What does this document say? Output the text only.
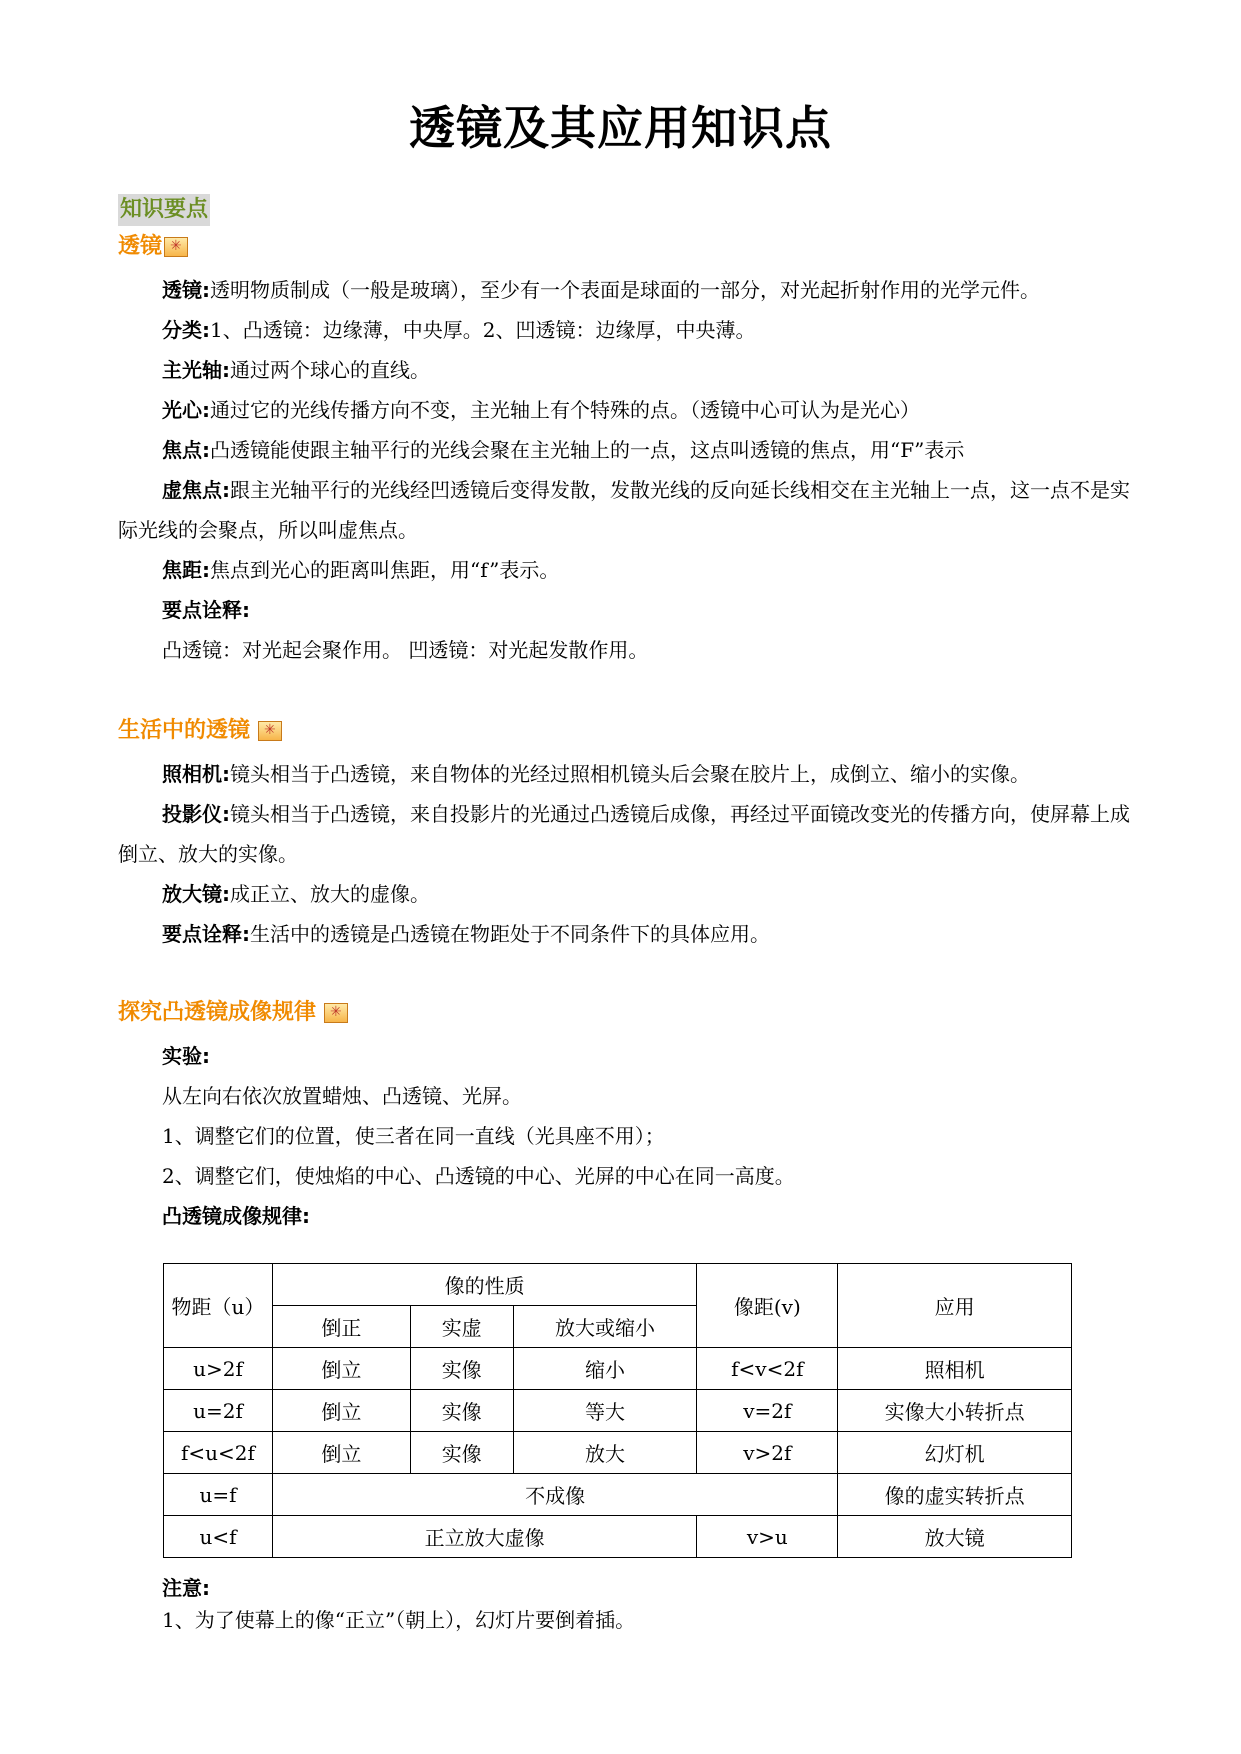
透镜及其应用知识点
知识要点
透镜
✳
透镜:透明物质制成（一般是玻璃），至少有一个表面是球面的一部分，对光起折射作用的光学元件。
分类:1、凸透镜：边缘薄，中央厚。2、凹透镜：边缘厚，中央薄。
主光轴:通过两个球心的直线。
光心:通过它的光线传播方向不变，主光轴上有个特殊的点。（透镜中心可认为是光心）
焦点:凸透镜能使跟主轴平行的光线会聚在主光轴上的一点，这点叫透镜的焦点，用“F”表示
虚焦点:跟主光轴平行的光线经凹透镜后变得发散，发散光线的反向延长线相交在主光轴上一点，这一点不是实际光线的会聚点，所以叫虚焦点。
焦距:焦点到光心的距离叫焦距，用“f”表示。
要点诠释:
凸透镜：对光起会聚作用。 凹透镜：对光起发散作用。
生活中的透镜
✳
照相机:镜头相当于凸透镜，来自物体的光经过照相机镜头后会聚在胶片上，成倒立、缩小的实像。
投影仪:镜头相当于凸透镜，来自投影片的光通过凸透镜后成像，再经过平面镜改变光的传播方向，使屏幕上成倒立、放大的实像。
放大镜:成正立、放大的虚像。
要点诠释:生活中的透镜是凸透镜在物距处于不同条件下的具体应用。
探究凸透镜成像规律
✳
实验:
从左向右依次放置蜡烛、凸透镜、光屏。
1、调整它们的位置，使三者在同一直线（光具座不用）；
2、调整它们，使烛焰的中心、凸透镜的中心、光屏的中心在同一高度。
凸透镜成像规律:
物距（u）	像的性质			像距(v)	应用
	倒正	实虚	放大或缩小		
u>2f	倒立	实像	缩小	f<v<2f	照相机
u=2f	倒立	实像	等大	v=2f	实像大小转折点
f<u<2f	倒立	实像	放大	v>2f	幻灯机
u=f	不成像				像的虚实转折点
u<f	正立放大虚像			v>u	放大镜
注意:
1、为了使幕上的像“正立”（朝上），幻灯片要倒着插。
